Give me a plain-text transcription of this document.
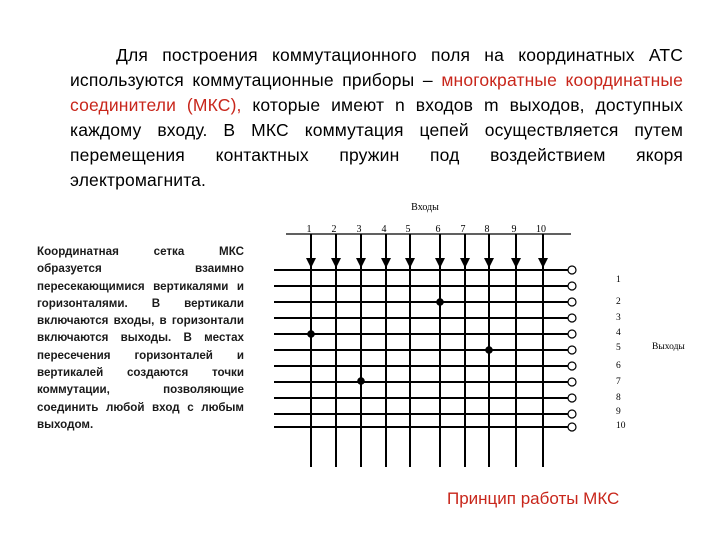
Для построения коммутационного поля на координатных АТС используются коммутационные приборы – многократные координатные соединители (МКС), которые имеют n входов m выходов, доступных каждому входу. В МКС коммутация цепей осуществляется путем перемещения контактных пружин под воздействием якоря электромагнита.

Координатная сетка МКС образуется взаимно пересекающимися вертикалями и горизонталями. В вертикали включаются входы, в горизонтали включаются выходы. В местах пересечения горизонталей и вертикалей создаются точки коммутации, позволяющие соединить любой вход с любым выходом.

Входы
1 2 3 4 5	6 7 8 9 10
1
2
3
4
5
6
7
8
9
10
Выходы
Принцип работы МКС
